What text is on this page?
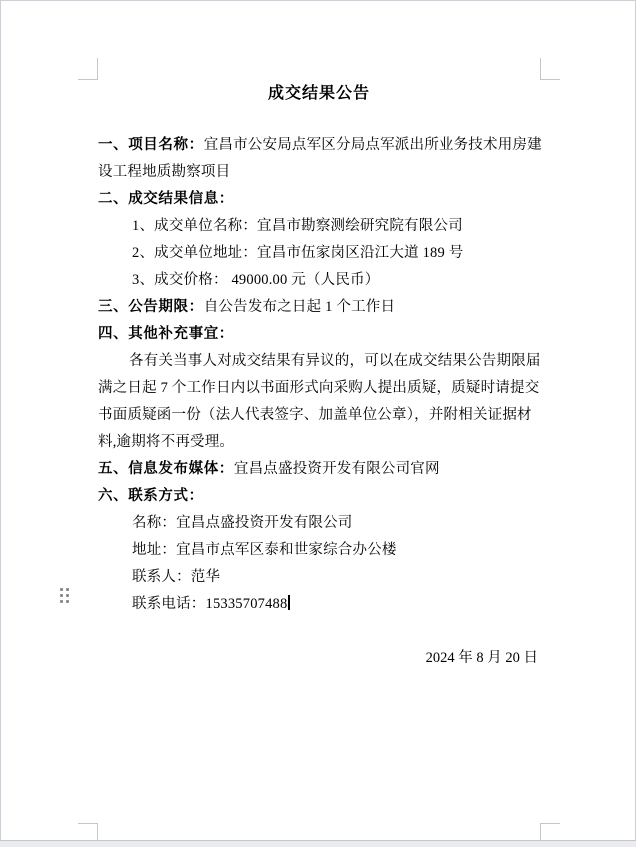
成交结果公告
一、项目名称：宜昌市公安局点军区分局点军派出所业务技术用房建
设工程地质勘察项目
二、成交结果信息：
1、成交单位名称：宜昌市勘察测绘研究院有限公司
2、成交单位地址：宜昌市伍家岗区沿江大道 189 号
3、成交价格： 49000.00 元（人民币）
三、公告期限：自公告发布之日起 1 个工作日
四、其他补充事宜：
各有关当事人对成交结果有异议的，可以在成交结果公告期限届
满之日起 7 个工作日内以书面形式向采购人提出质疑，质疑时请提交
书面质疑函一份（法人代表签字、加盖单位公章），并附相关证据材
料,逾期将不再受理。
五、信息发布媒体：宜昌点盛投资开发有限公司官网
六、联系方式：
名称：宜昌点盛投资开发有限公司
地址：宜昌市点军区泰和世家综合办公楼
联系人：范华
联系电话：15335707488
2024 年 8 月 20 日
